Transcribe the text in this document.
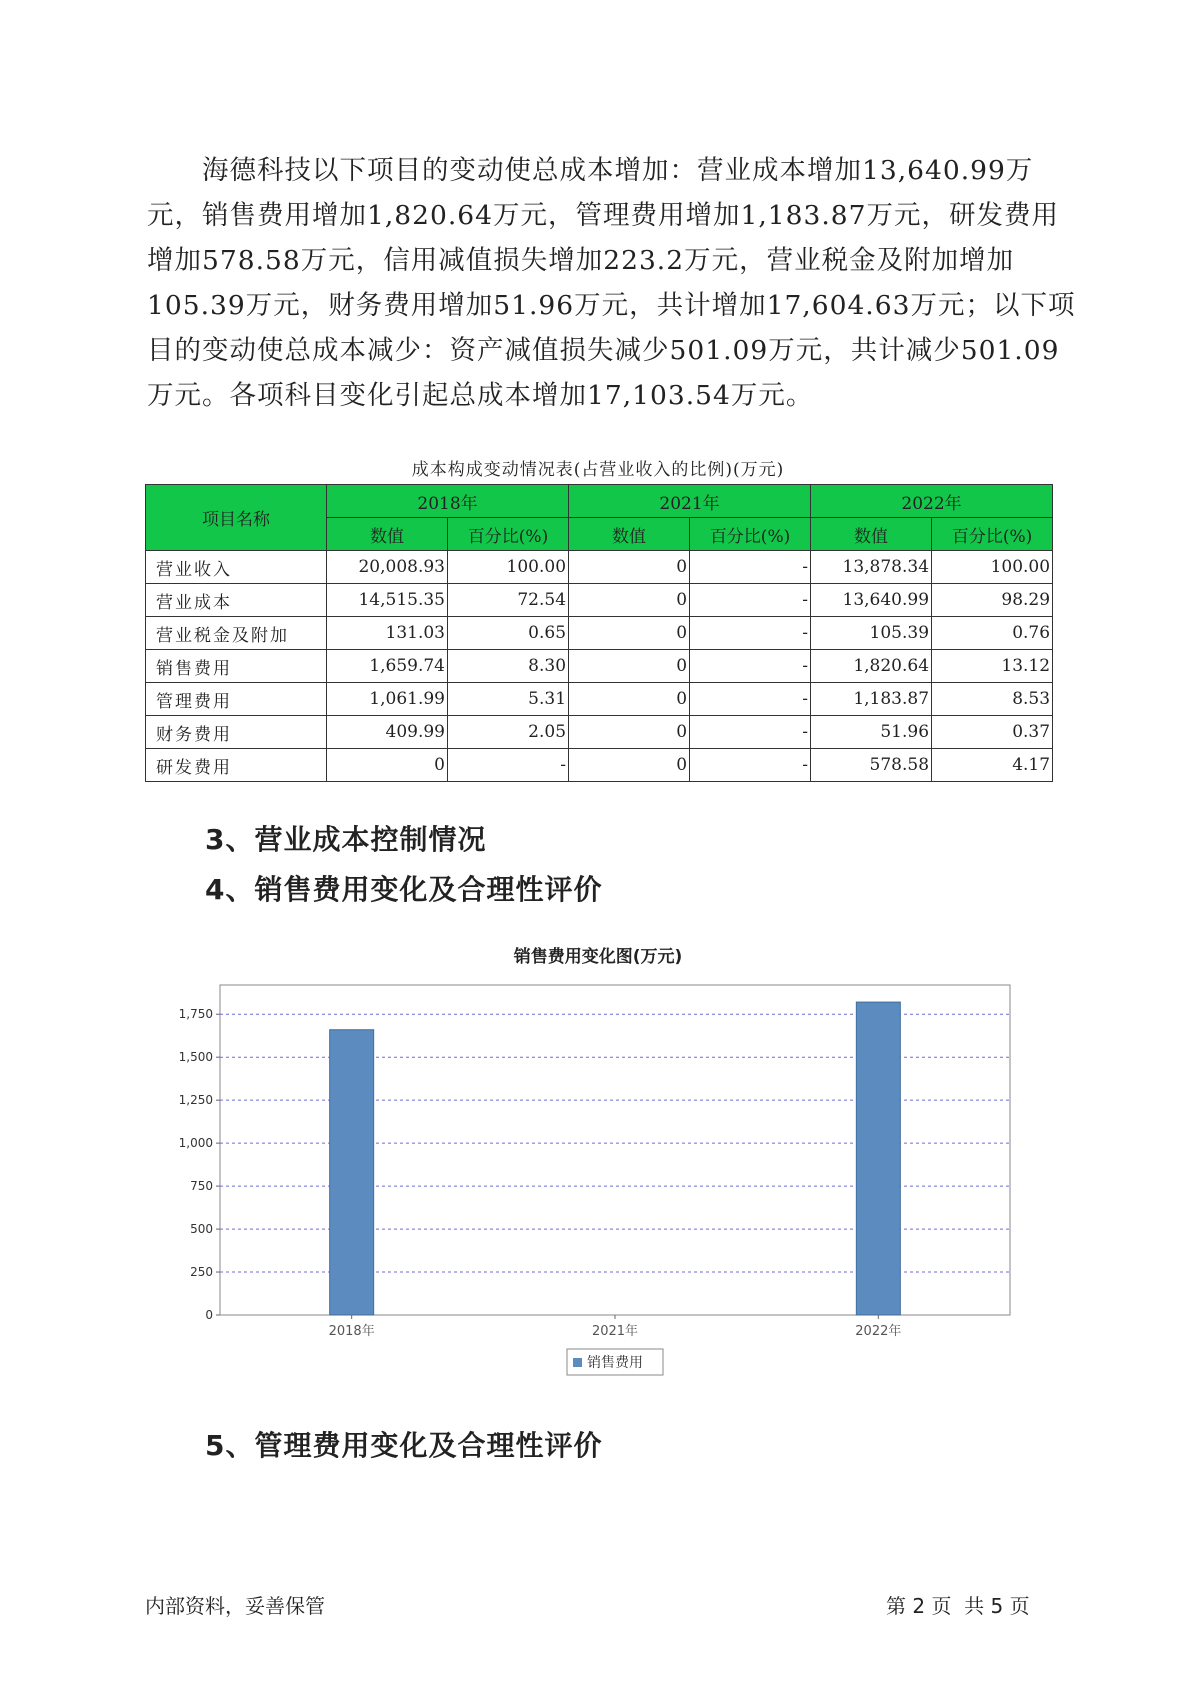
海德科技以下项目的变动使总成本增加：营业成本增加13,640.99万元，销售费用增加1,820.64万元，管理费用增加1,183.87万元，研发费用增加578.58万元，信用减值损失增加223.2万元，营业税金及附加增加105.39万元，财务费用增加51.96万元，共计增加17,604.63万元；以下项目的变动使总成本减少：资产减值损失减少501.09万元，共计减少501.09万元。各项科目变化引起总成本增加17,103.54万元。

成本构成变动情况表(占营业收入的比例)(万元)
项目名称	2018年		2021年		2022年	
	数值	百分比(%)	数值	百分比(%)	数值	百分比(%)
营业收入	20,008.93	100.00	0	-	13,878.34	100.00
营业成本	14,515.35	72.54	0	-	13,640.99	98.29
营业税金及附加	131.03	0.65	0	-	105.39	0.76
销售费用	1,659.74	8.30	0	-	1,820.64	13.12
管理费用	1,061.99	5.31	0	-	1,183.87	8.53
财务费用	409.99	2.05	0	-	51.96	0.37
研发费用	0	-	0	-	578.58	4.17
3、营业成本控制情况
4、销售费用变化及合理性评价
销售费用变化图(万元)
0
250
500
750
1,000
1,250
1,500
1,750
2018年	2021年	2022年
销售费用
5、管理费用变化及合理性评价
内部资料，妥善保管	第 2 页  共 5 页
